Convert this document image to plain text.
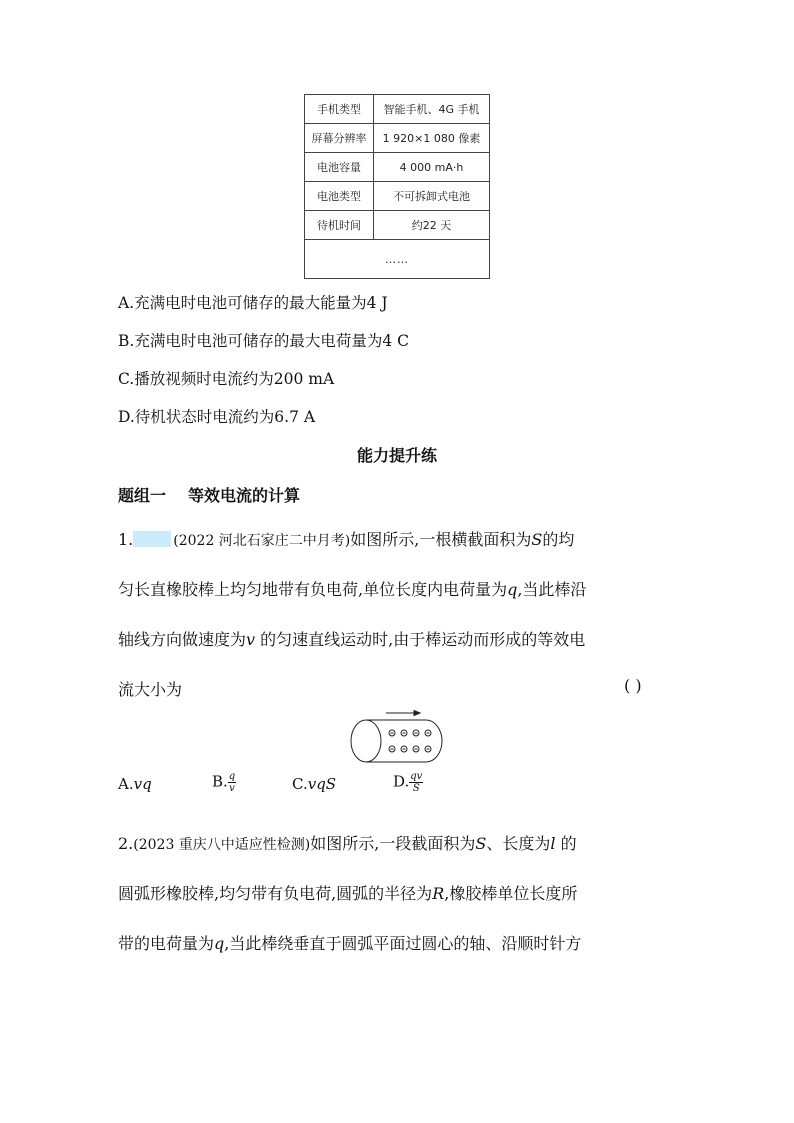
手机类型	智能手机、4G 手机
屏幕分辨率	1 920×1 080 像素
电池容量	4 000 mA·h
电池类型	不可拆卸式电池
待机时间	约22 天
……	
A.充满电时电池可储存的最大能量为4 J
B.充满电时电池可储存的最大电荷量为4 C
C.播放视频时电流约为200 mA
D.待机状态时电流约为6.7 A
能力提升练
题组一 等效电流的计算
1.	(2022 河北石家庄二中月考)如图所示,一根横截面积为S的均
匀长直橡胶棒上均匀地带有负电荷,单位长度内电荷量为q,当此棒沿
轴线方向做速度为v 的匀速直线运动时,由于棒运动而形成的等效电
流大小为	( )
A.vq	B. $\frac{q}{v}$	C.vqS	D. $\frac{qv}{S}$
2.(2023 重庆八中适应性检测)如图所示,一段截面积为S、长度为l 的
圆弧形橡胶棒,均匀带有负电荷,圆弧的半径为R,橡胶棒单位长度所
带的电荷量为q,当此棒绕垂直于圆弧平面过圆心的轴、沿顺时针方
